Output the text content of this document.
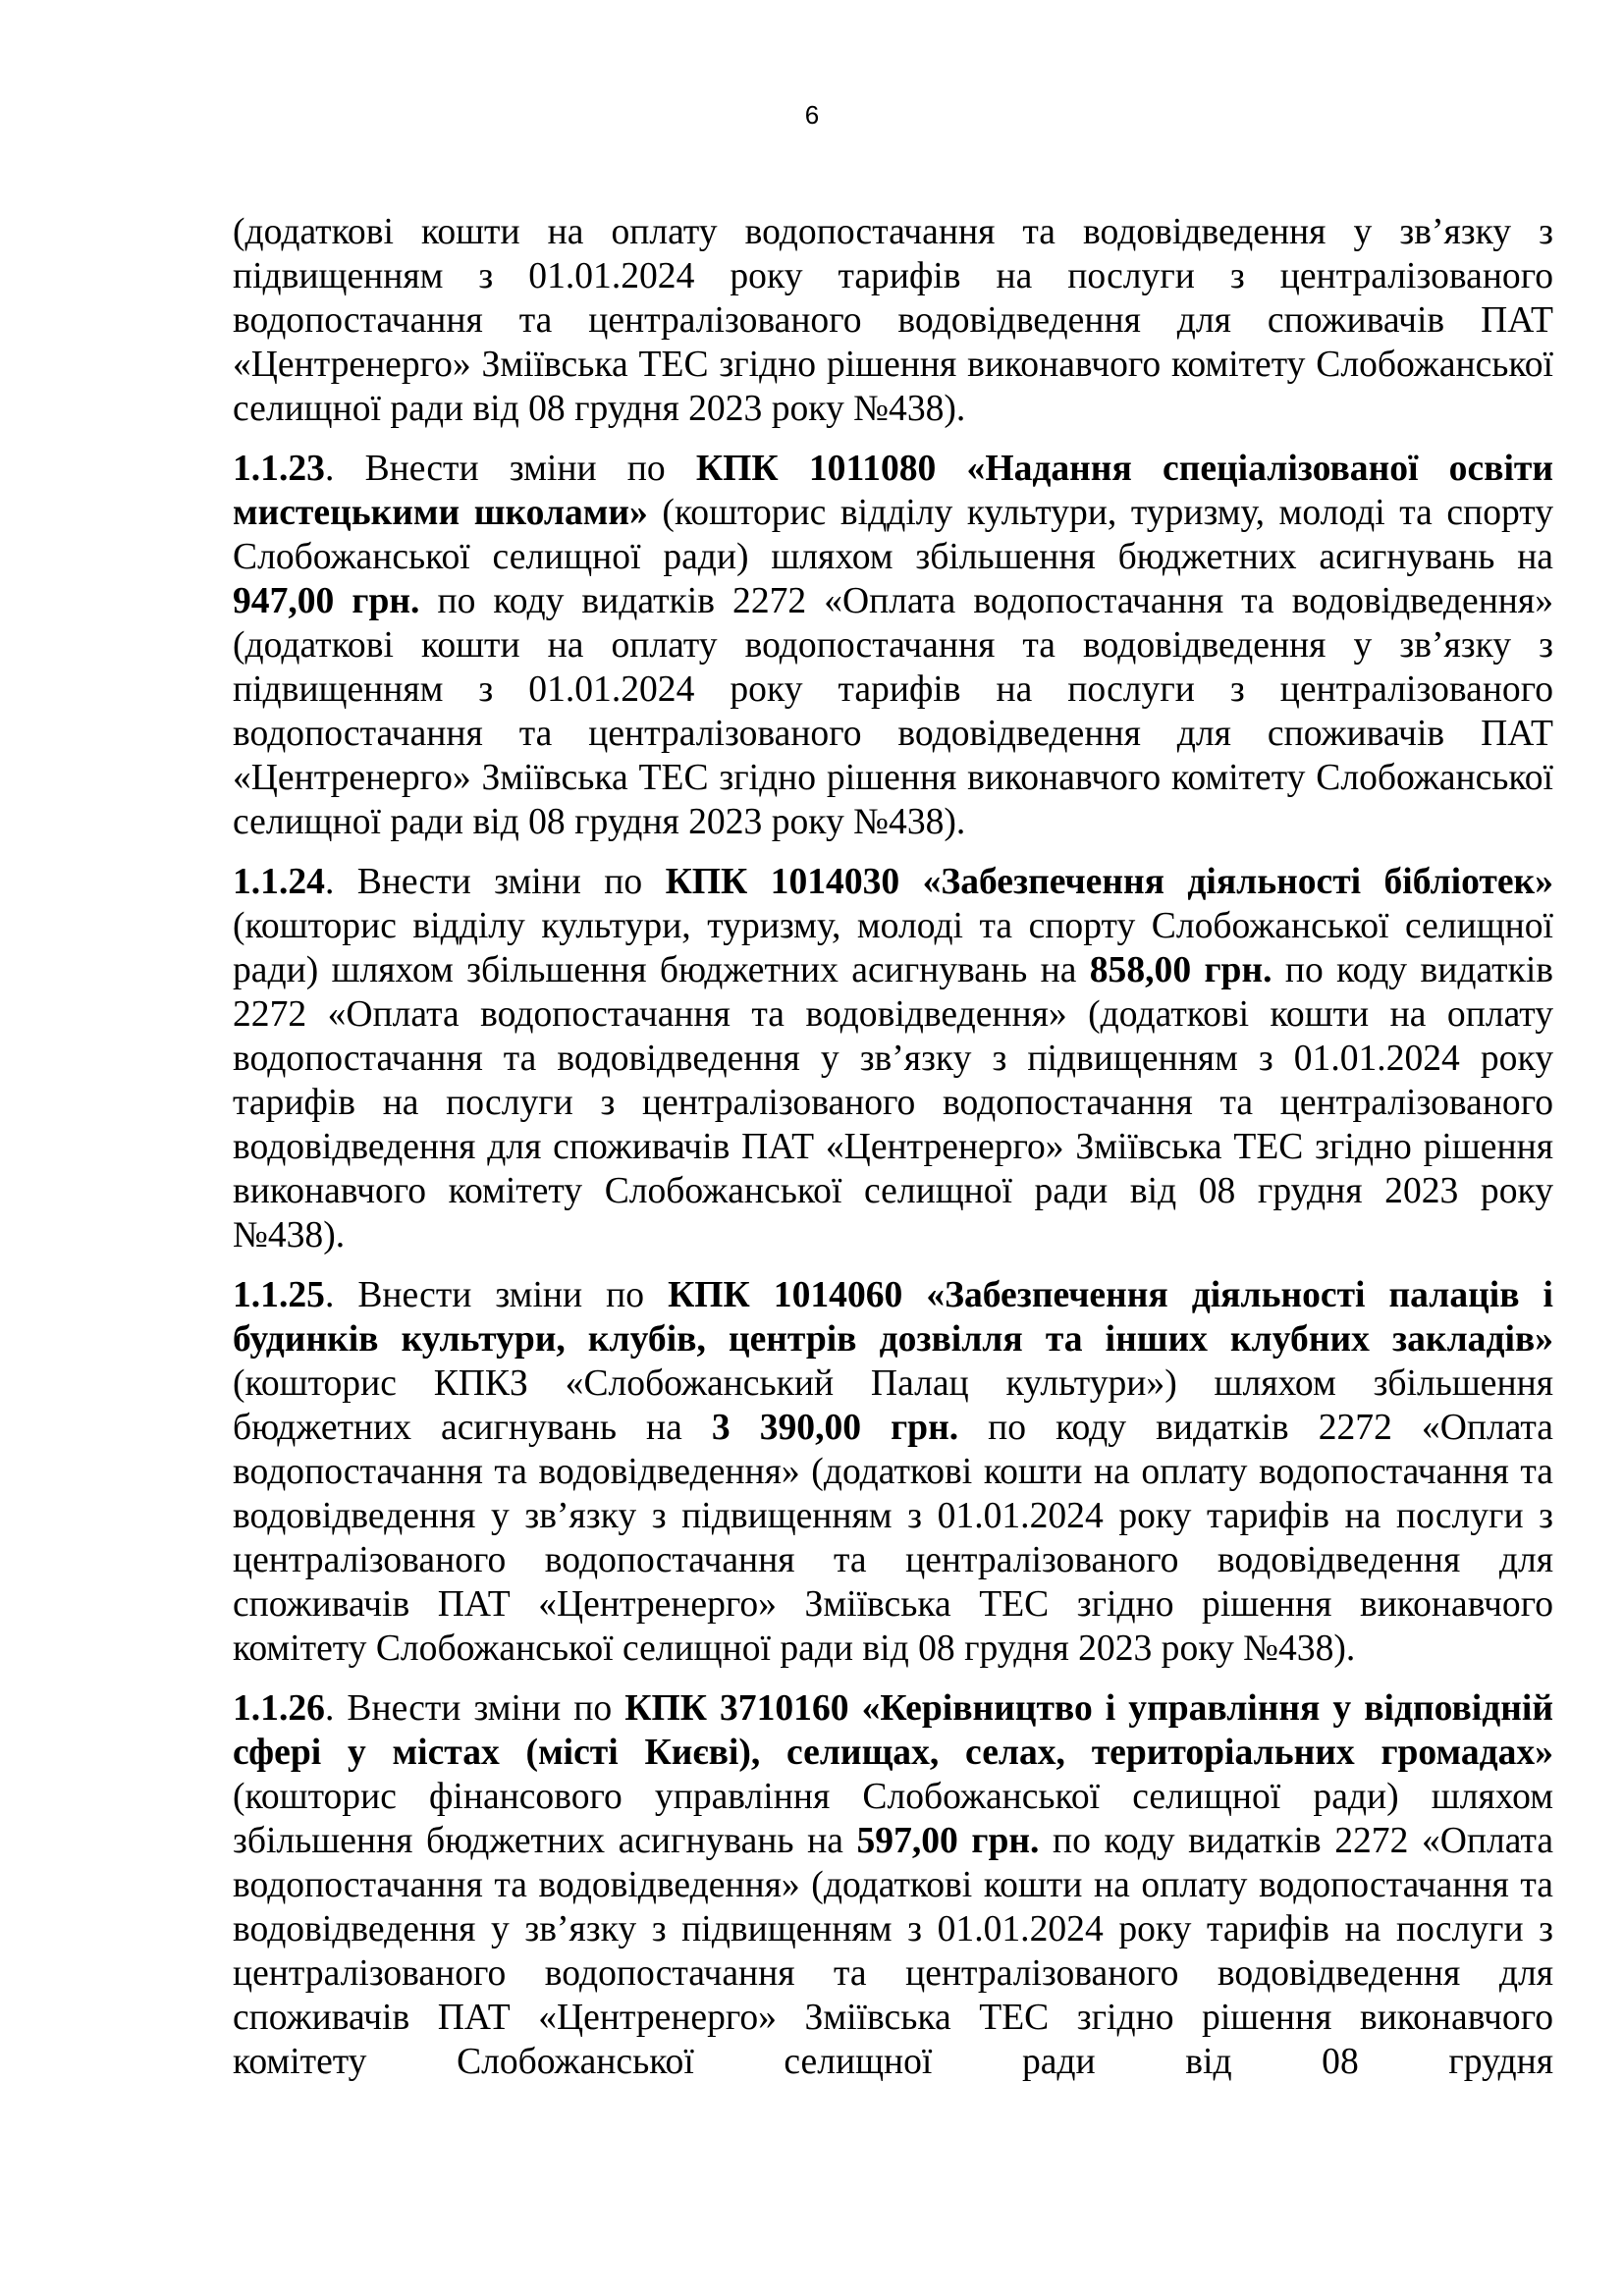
6

(додаткові кошти на оплату водопостачання та водовідведення у зв’язку з підвищенням з 01.01.2024 року тарифів на послуги з централізованого водопостачання та централізованого водовідведення для споживачів ПАТ «Центренерго» Зміївська ТЕС згідно рішення виконавчого комітету Слобожанської селищної ради від 08 грудня 2023 року №438).

1.1.23. Внести зміни по КПК 1011080 «Надання спеціалізованої освіти мистецькими школами» (кошторис відділу культури, туризму, молоді та спорту Слобожанської селищної ради) шляхом збільшення бюджетних асигнувань на 947,00 грн. по коду видатків 2272 «Оплата водопостачання та водовідведення» (додаткові кошти на оплату водопостачання та водовідведення у зв’язку з підвищенням з 01.01.2024 року тарифів на послуги з централізованого водопостачання та централізованого водовідведення для споживачів ПАТ «Центренерго» Зміївська ТЕС згідно рішення виконавчого комітету Слобожанської селищної ради від 08 грудня 2023 року №438).

1.1.24. Внести зміни по КПК 1014030 «Забезпечення діяльності бібліотек» (кошторис відділу культури, туризму, молоді та спорту Слобожанської селищної ради) шляхом збільшення бюджетних асигнувань на 858,00 грн. по коду видатків 2272 «Оплата водопостачання та водовідведення» (додаткові кошти на оплату водопостачання та водовідведення у зв’язку з підвищенням з 01.01.2024 року тарифів на послуги з централізованого водопостачання та централізованого водовідведення для споживачів ПАТ «Центренерго» Зміївська ТЕС згідно рішення виконавчого комітету Слобожанської селищної ради від 08 грудня 2023 року №438).

1.1.25. Внести зміни по КПК 1014060 «Забезпечення діяльності палаців і будинків культури, клубів, центрів дозвілля та інших клубних закладів» (кошторис КПКЗ «Слобожанський Палац культури») шляхом збільшення бюджетних асигнувань на 3 390,00 грн. по коду видатків 2272 «Оплата водопостачання та водовідведення» (додаткові кошти на оплату водопостачання та водовідведення у зв’язку з підвищенням з 01.01.2024 року тарифів на послуги з централізованого водопостачання та централізованого водовідведення для споживачів ПАТ «Центренерго» Зміївська ТЕС згідно рішення виконавчого комітету Слобожанської селищної ради від 08 грудня 2023 року №438).

1.1.26. Внести зміни по КПК 3710160 «Керівництво і управління у відповідній сфері у містах (місті Києві), селищах, селах, територіальних громадах» (кошторис фінансового управління Слобожанської селищної ради) шляхом збільшення бюджетних асигнувань на 597,00 грн. по коду видатків 2272 «Оплата водопостачання та водовідведення» (додаткові кошти на оплату водопостачання та водовідведення у зв’язку з підвищенням з 01.01.2024 року тарифів на послуги з централізованого водопостачання та централізованого водовідведення для споживачів ПАТ «Центренерго» Зміївська ТЕС згідно рішення виконавчого комітету Слобожанської селищної ради від 08 грудня
